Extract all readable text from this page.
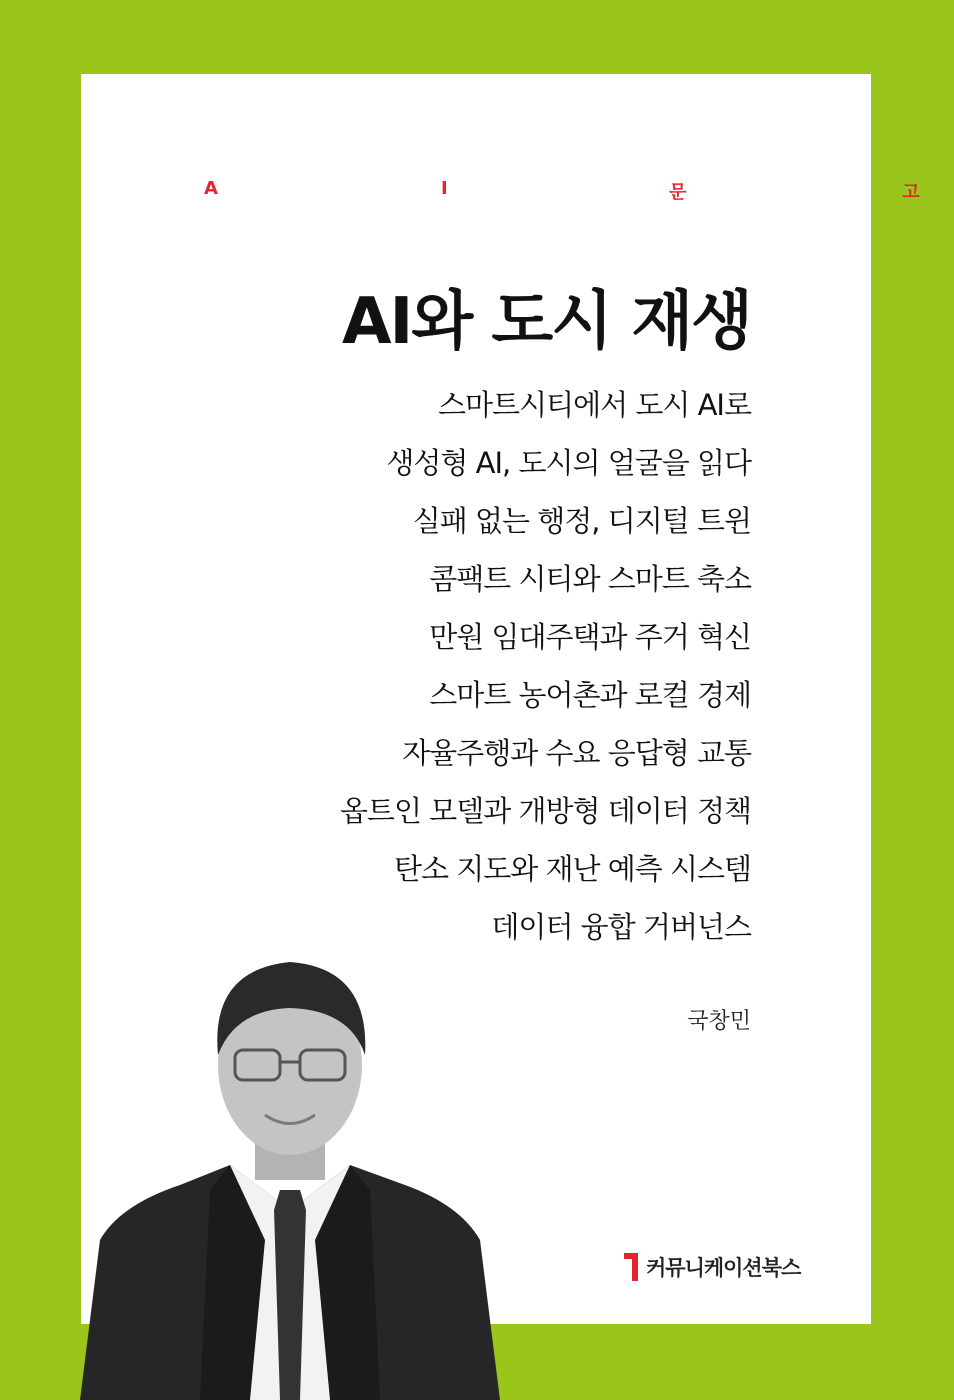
A	I	문	고
AI와 도시 재생
스마트시티에서 도시 AI로
생성형 AI, 도시의 얼굴을 읽다
실패 없는 행정, 디지털 트윈
콤팩트 시티와 스마트 축소
만원 임대주택과 주거 혁신
스마트 농어촌과 로컬 경제
자율주행과 수요 응답형 교통
옵트인 모델과 개방형 데이터 정책
탄소 지도와 재난 예측 시스템
데이터 융합 거버넌스
국창민
커뮤니케이션북스
